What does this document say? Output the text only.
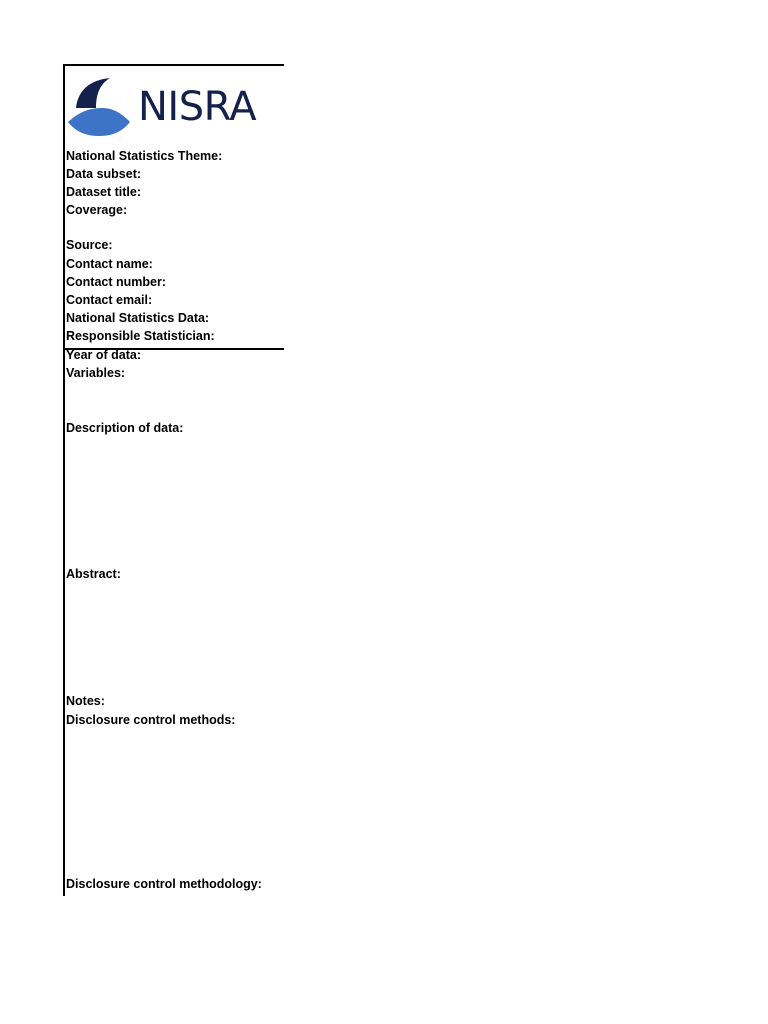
NISRA
National Statistics Theme:
Data subset:
Dataset title:
Coverage:
Source:
Contact name:
Contact number:
Contact email:
National Statistics Data:
Responsible Statistician:
Year of data:
Variables:
Description of data:
Abstract:
Notes:
Disclosure control methods:
Disclosure control methodology:
